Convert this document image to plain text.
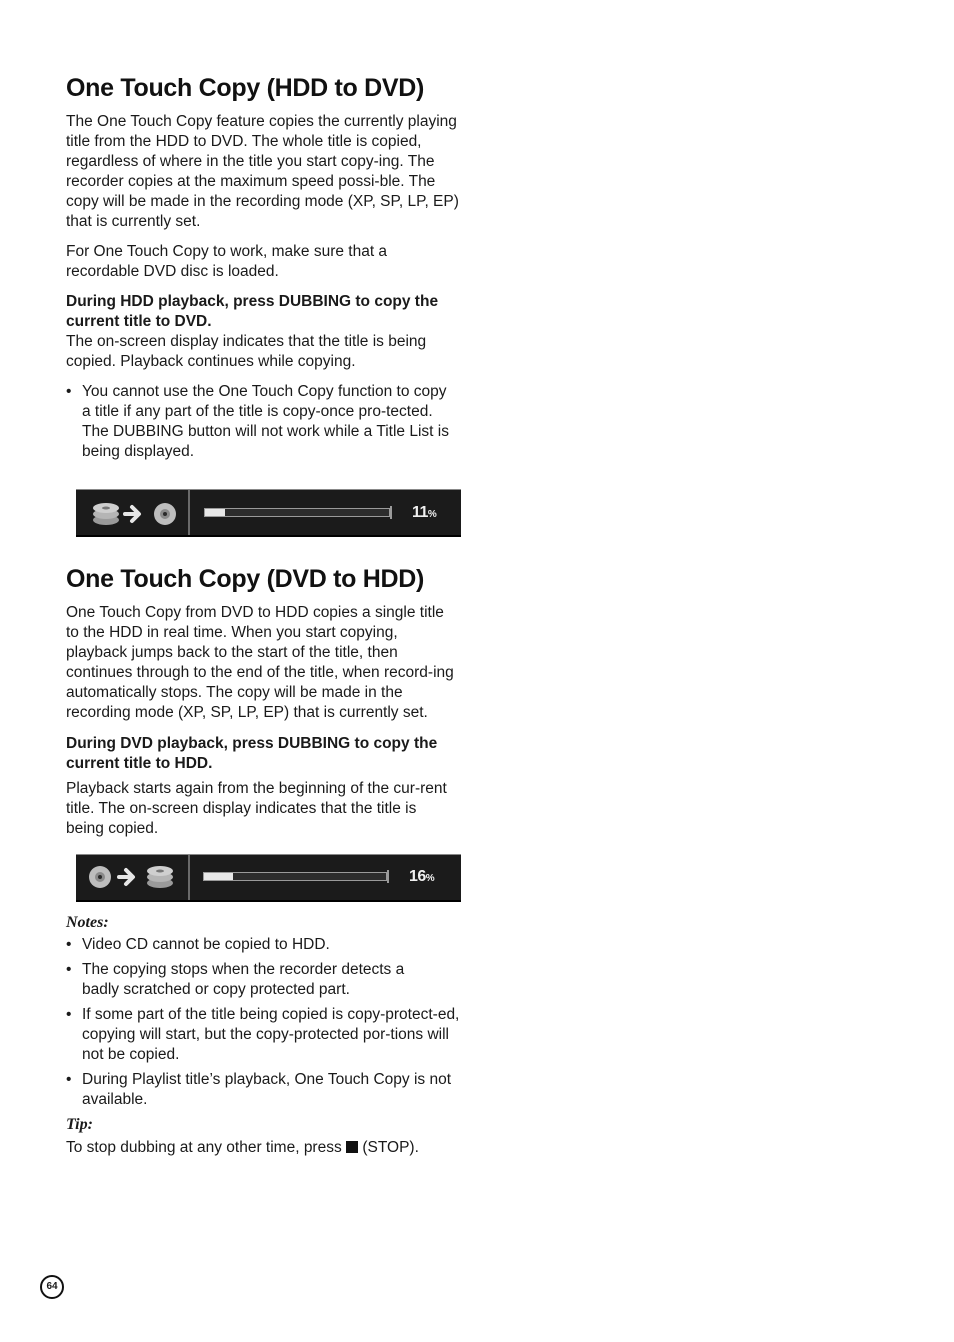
One Touch Copy (HDD to DVD)

The One Touch Copy feature copies the currently playing title from the HDD to DVD. The whole title is copied, regardless of where in the title you start copy-ing. The recorder copies at the maximum speed possi-ble. The copy will be made in the recording mode (XP, SP, LP, EP) that is currently set.

For One Touch Copy to work, make sure that a recordable DVD disc is loaded.

During HDD playback, press DUBBING to copy the current title to DVD.

The on-screen display indicates that the title is being copied. Playback continues while copying.

• You cannot use the One Touch Copy function to copy a title if any part of the title is copy-once pro-tected.
The DUBBING button will not work while a Title List is being displayed.
11%
One Touch Copy (DVD to HDD)

One Touch Copy from DVD to HDD copies a single title to the HDD in real time. When you start copying, playback jumps back to the start of the title, then continues through to the end of the title, when record-ing automatically stops. The copy will be made in the recording mode (XP, SP, LP, EP) that is currently set.

During DVD playback, press DUBBING to copy the current title to HDD.

Playback starts again from the beginning of the cur-rent title. The on-screen display indicates that the title is being copied.

16%
Notes:
• Video CD cannot be copied to HDD.
• The copying stops when the recorder detects a badly scratched or copy protected part.
• If some part of the title being copied is copy-protect-ed, copying will start, but the copy-protected por-tions will not be copied.
• During Playlist title’s playback, One Touch Copy is not available.
Tip:

To stop dubbing at any other time, press (STOP).

64
